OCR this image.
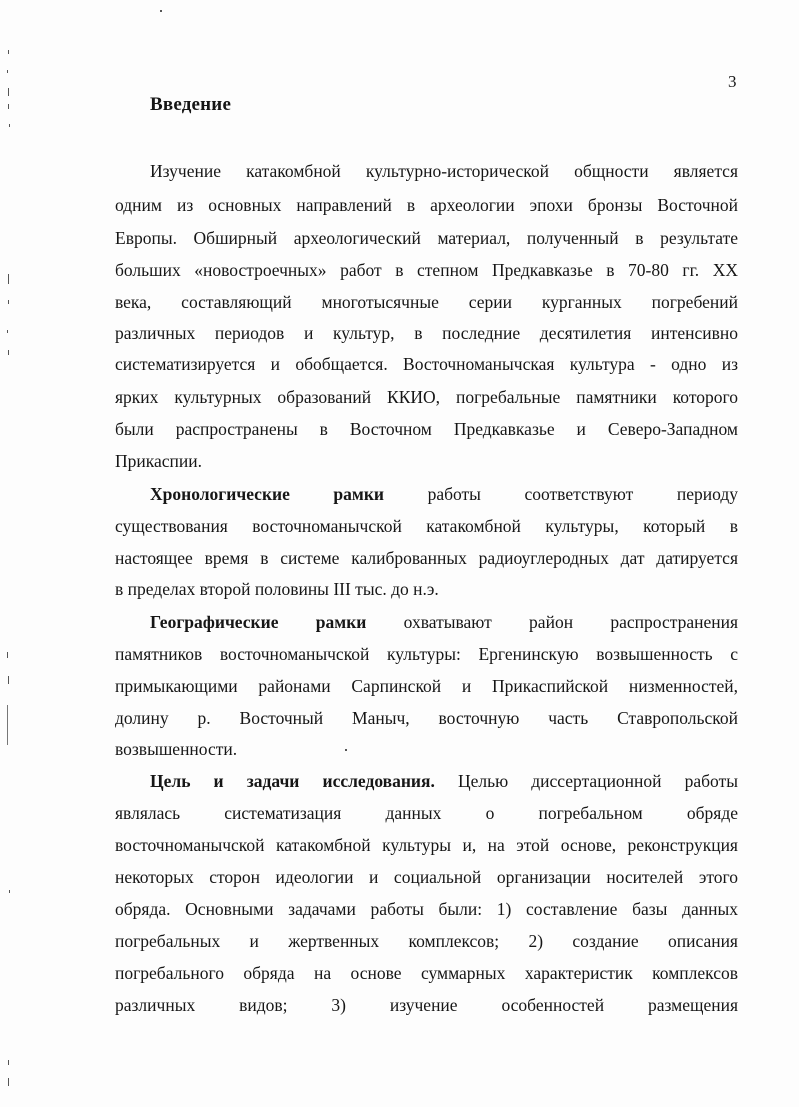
3
Введение
Изучение катакомбной культурно-исторической общности является
одним из основных направлений в археологии эпохи бронзы Восточной
Европы. Обширный археологический материал, полученный в результате
больших «новостроечных» работ в степном Предкавказье в 70-80 гг. XX
века, составляющий многотысячные серии курганных погребений
различных периодов и культур, в последние десятилетия интенсивно
систематизируется и обобщается. Восточноманычская культура - одно из
ярких культурных образований ККИО, погребальные памятники которого
были распространены в Восточном Предкавказье и Северо-Западном
Прикаспии.
Хронологические рамки работы соответствуют периоду
существования восточноманычской катакомбной культуры, который в
настоящее время в системе калиброванных радиоуглеродных дат датируется
в пределах второй половины III тыс. до н.э.
Географические рамки охватывают район распространения
памятников восточноманычской культуры: Ергенинскую возвышенность с
примыкающими районами Сарпинской и Прикаспийской низменностей,
долину р. Восточный Маныч, восточную часть Ставропольской
возвышенности.
Цель и задачи исследования. Целью диссертационной работы
являлась систематизация данных о погребальном обряде
восточноманычской катакомбной культуры и, на этой основе, реконструкция
некоторых сторон идеологии и социальной организации носителей этого
обряда. Основными задачами работы были: 1) составление базы данных
погребальных и жертвенных комплексов; 2) создание описания
погребального обряда на основе суммарных характеристик комплексов
различных видов; 3) изучение особенностей размещения
